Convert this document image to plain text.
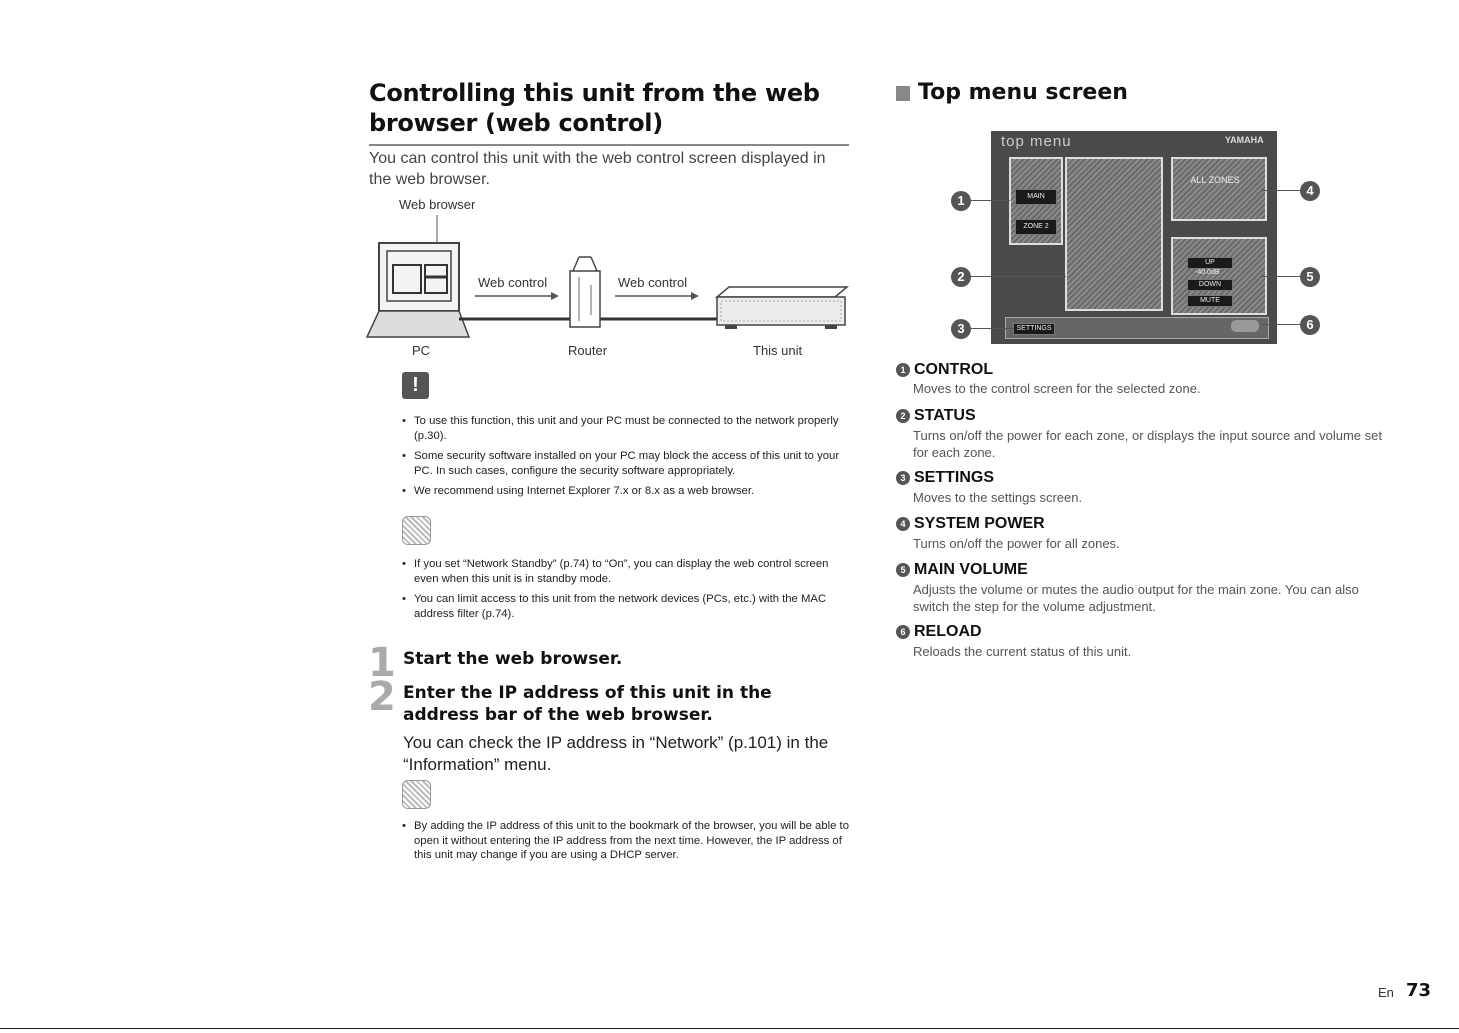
Controlling this unit from the web browser (web control)
You can control this unit with the web control screen displayed in the web browser.
Web browser
Web control	Web control
PC	Router	This unit
!
• To use this function, this unit and your PC must be connected to the network properly (p.30).
• Some security software installed on your PC may block the access of this unit to your PC. In such cases, configure the security software appropriately.
• We recommend using Internet Explorer 7.x or 8.x as a web browser.
• If you set “Network Standby” (p.74) to “On”, you can display the web control screen even when this unit is in standby mode.
• You can limit access to this unit from the network devices (PCs, etc.) with the MAC address filter (p.74).
1 Start the web browser.
2 Enter the IP address of this unit in the address bar of the web browser.
You can check the IP address in “Network” (p.101) in the “Information” menu.
• By adding the IP address of this unit to the bookmark of the browser, you will be able to open it without entering the IP address from the next time. However, the IP address of this unit may change if you are using a DHCP server.
Top menu screen
top menu	YAMAHA
MAIN
ZONE 2
ALL ZONES
UP
-40.0dB
DOWN
MUTE
SETTINGS
1
2
3
4
5
6
1 CONTROL
Moves to the control screen for the selected zone.
2 STATUS
Turns on/off the power for each zone, or displays the input source and volume set for each zone.
3 SETTINGS
Moves to the settings screen.
4 SYSTEM POWER
Turns on/off the power for all zones.
5 MAIN VOLUME
Adjusts the volume or mutes the audio output for the main zone. You can also switch the step for the volume adjustment.
6 RELOAD
Reloads the current status of this unit.
En 73
